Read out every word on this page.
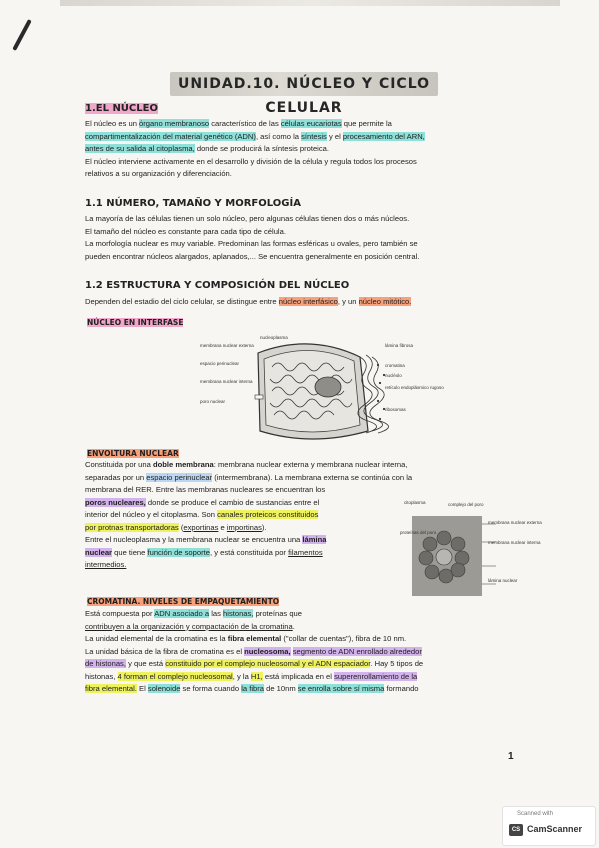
UNIDAD.10. NÚCLEO Y CICLO CELULAR
1.EL NÚCLEO
El núcleo es un órgano membranoso característico de las células eucariotas que permite la
compartimentalización del material genético (ADN), así como la síntesis y el procesamiento del ARN,
antes de su salida al citoplasma, donde se producirá la síntesis proteica.
El núcleo interviene activamente en el desarrollo y división de la célula y regula todos los procesos
relativos a su organización y diferenciación.
1.1 NÚMERO, TAMAÑO Y MORFOLOGÍA
La mayoría de las células tienen un solo núcleo, pero algunas células tienen dos o más núcleos.
El tamaño del núcleo es constante para cada tipo de célula.
La morfología nuclear es muy variable. Predominan las formas esféricas u ovales, pero también se
pueden encontrar núcleos alargados, aplanados,... Se encuentra generalmente en posición central.
1.2 ESTRUCTURA Y COMPOSICIÓN DEL NÚCLEO
Dependen del estadio del ciclo celular, se distingue entre núcleo interfásico, y un núcleo mitótico.
NÚCLEO EN INTERFASE
membrana nuclear externa
espacio perinuclear
membrana nuclear interna
poro nuclear
nucleoplasma
lámina fibrosa
cromatina
nucléolo
retículo endoplásmico rugoso
ribosomas
ENVOLTURA NUCLEAR
Constituida por una doble membrana: membrana nuclear externa y membrana nuclear interna,
separadas por un espacio perinuclear (intermembrana). La membrana externa se continúa con la
membrana del RER. Entre las membranas nucleares se encuentran los
poros nucleares, donde se produce el cambio de sustancias entre el
interior del núcleo y el citoplasma. Son canales proteicos constituidos
por protnas transportadoras (exportinas e importinas).
Entre el nucleoplasma y la membrana nuclear se encuentra una lámina
nuclear que tiene función de soporte, y está constituida por filamentos
intermedios.
citoplasma	complejo del poro
membrana nuclear externa
proteínas del poro
membrana nuclear interna
lámina nuclear
CROMATINA. NIVELES DE EMPAQUETAMIENTO
Está compuesta por ADN asociado a las histonas, proteínas que
contribuyen a la organización y compactación de la cromatina.
La unidad elemental de la cromatina es la fibra elemental ("collar de cuentas"), fibra de 10 nm.
La unidad básica de la fibra de cromatina es el nucleosoma, segmento de ADN enrollado alrededor
de histonas, y que está constituido por el complejo nucleosomal y el ADN espaciador. Hay 5 tipos de
histonas, 4 forman el complejo nucleosomal, y la H1, está implicada en el superenrollamiento de la
fibra elemental. El solenoide se forma cuando la fibra de 10nm se enrolla sobre sí misma formando
1
Scanned with
CS CamScanner
